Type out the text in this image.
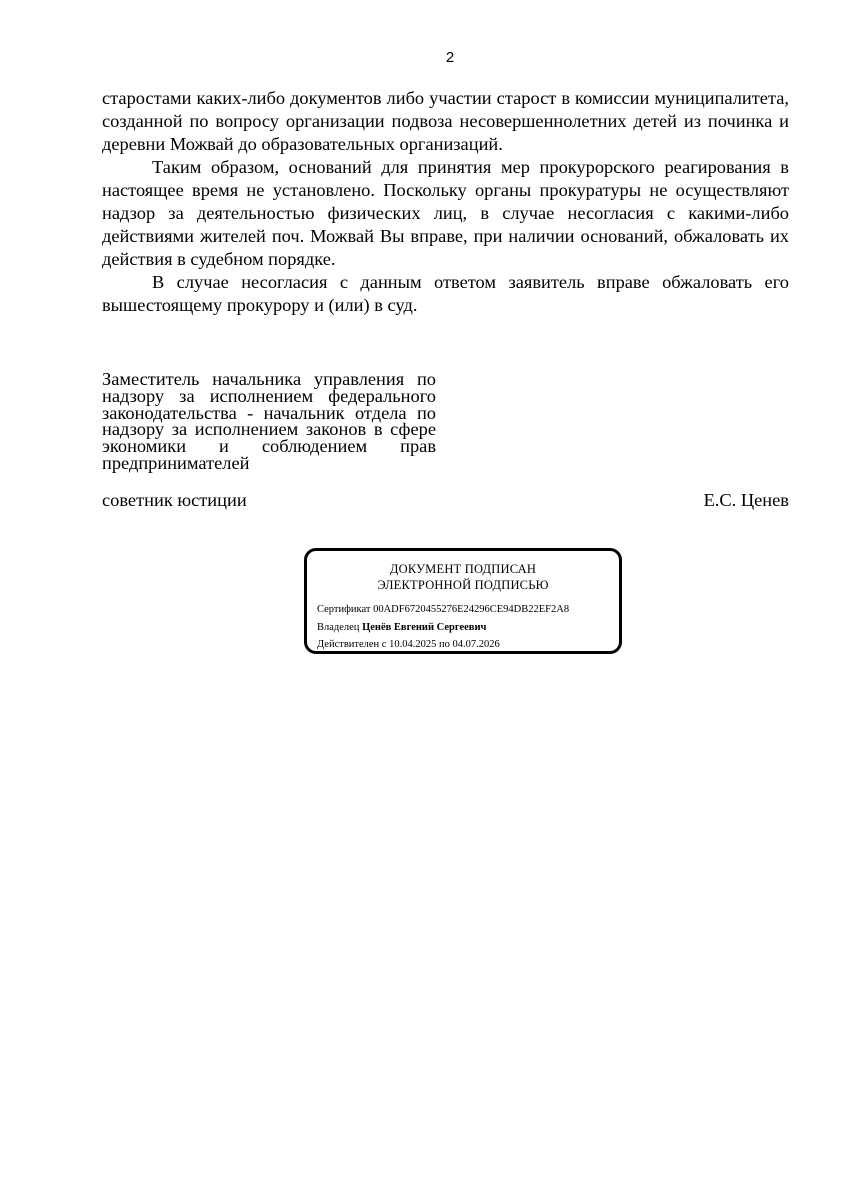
2

старостами каких-либо документов либо участии старост в комиссии муниципалитета, созданной по вопросу организации подвоза несовершеннолетних детей из починка и деревни Можвай до образовательных организаций.

Таким образом, оснований для принятия мер прокурорского реагирования в настоящее время не установлено. Поскольку органы прокуратуры не осуществляют надзор за деятельностью физических лиц, в случае несогласия с какими-либо действиями жителей поч. Можвай Вы вправе, при наличии оснований, обжаловать их действия в судебном порядке.

В случае несогласия с данным ответом заявитель вправе обжаловать его вышестоящему прокурору и (или) в суд.

Заместитель начальника управления по надзору за исполнением федерального законодательства - начальник отдела по надзору за исполнением законов в сфере экономики и соблюдением прав предпринимателей
советник юстиции	Е.С. Ценев
ДОКУМЕНТ ПОДПИСАН
ЭЛЕКТРОННОЙ ПОДПИСЬЮ
Сертификат 00ADF6720455276E24296CE94DB22EF2A8
Владелец Ценёв Евгений Сергеевич
Действителен с 10.04.2025 по 04.07.2026
